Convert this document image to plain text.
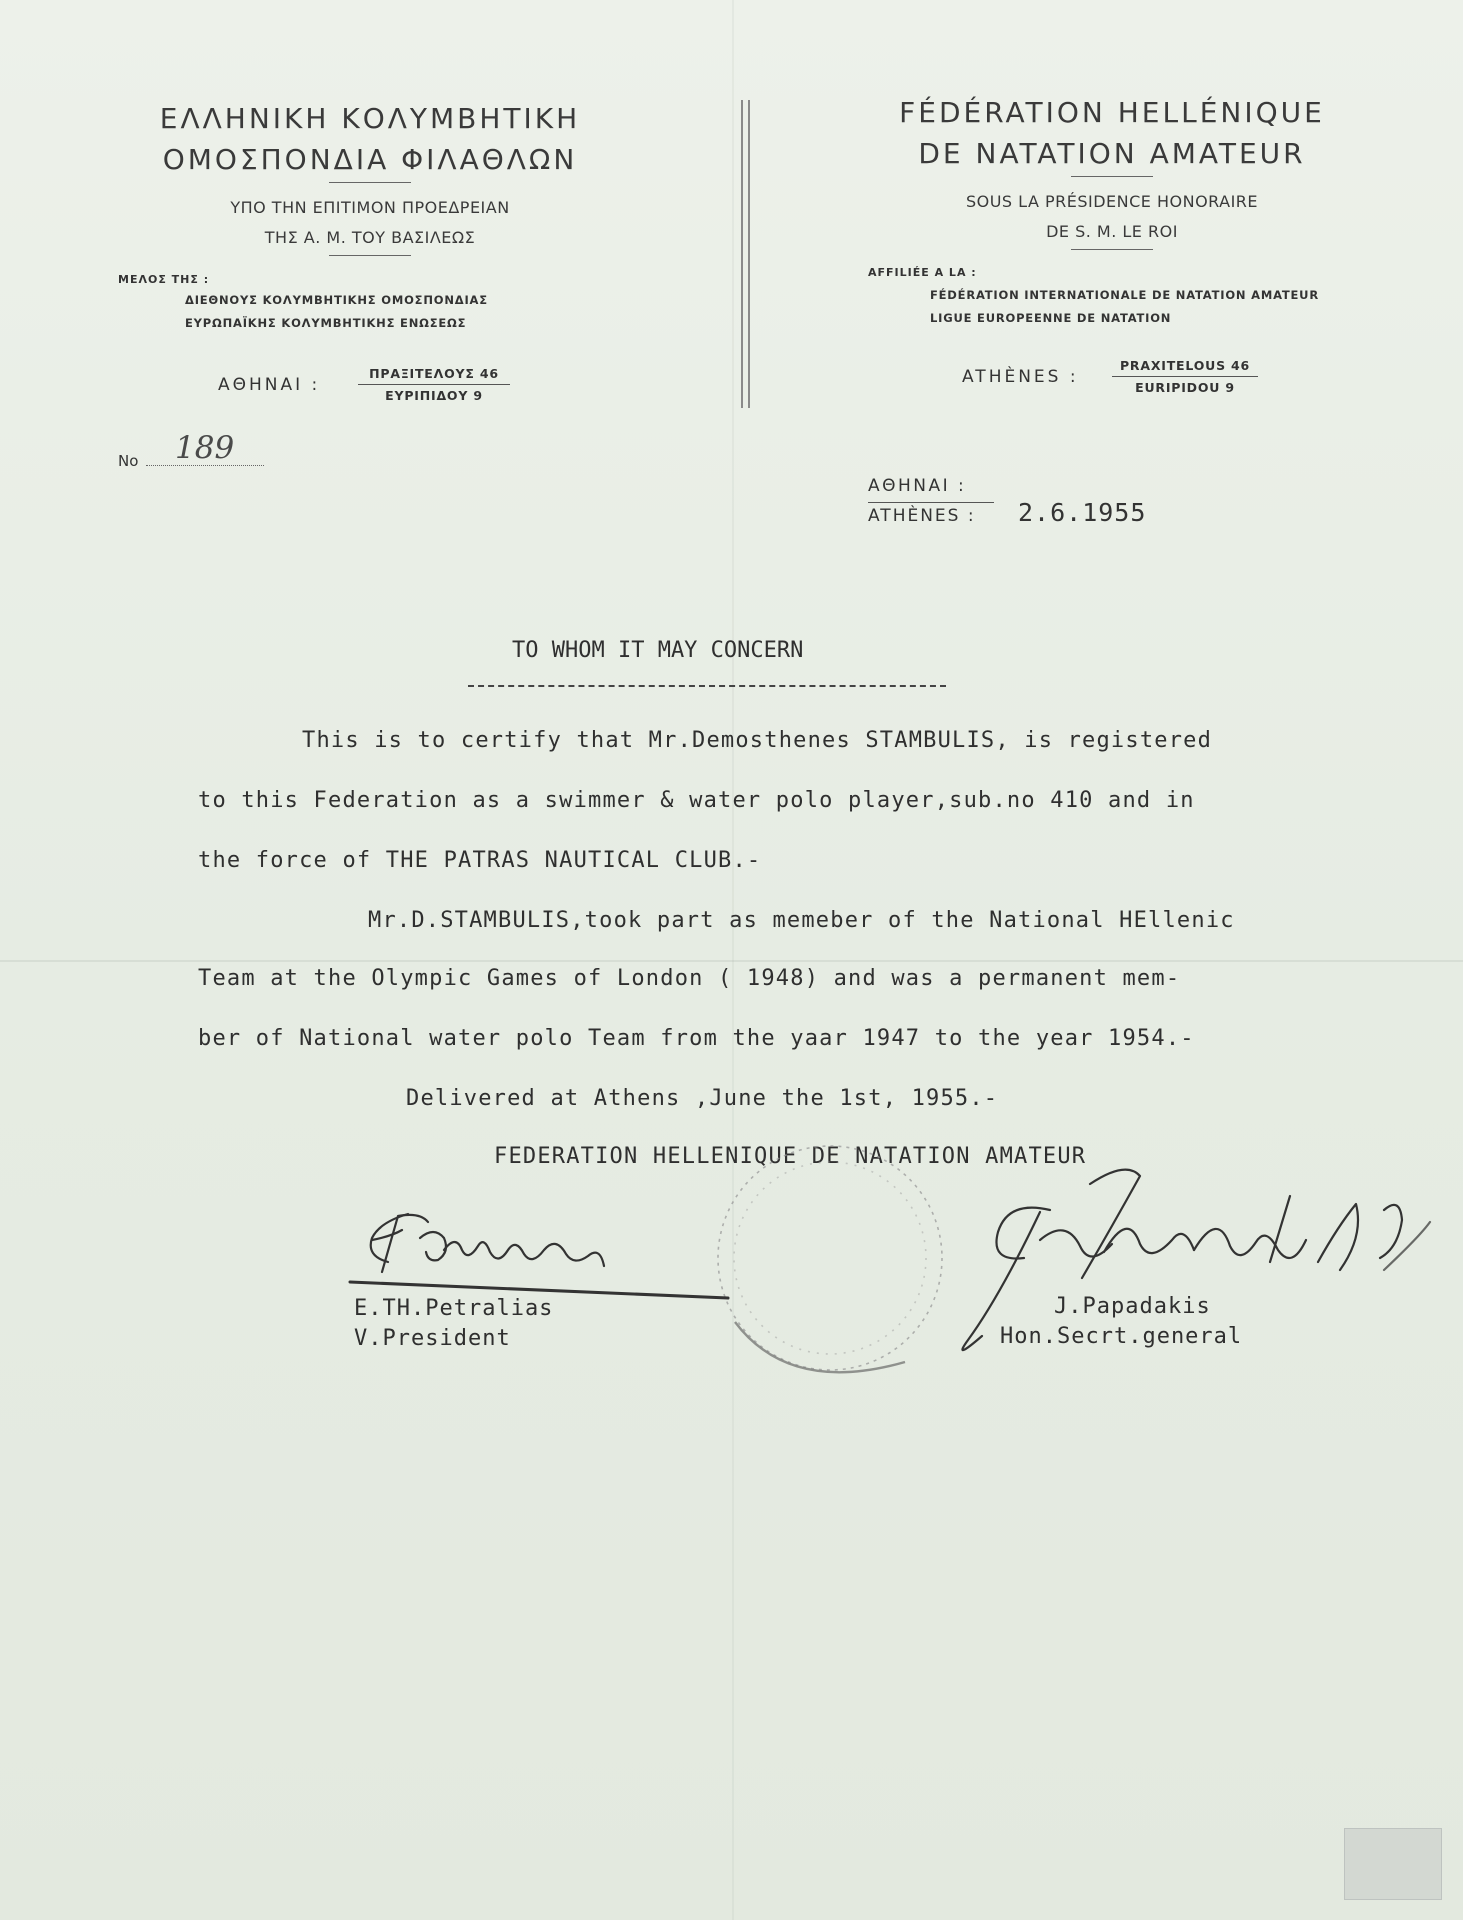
ΕΛΛΗΝΙΚΗ ΚΟΛΥΜΒΗΤΙΚΗ
ΟΜΟΣΠΟΝΔΙΑ ΦΙΛΑΘΛΩΝ
ΥΠΟ ΤΗΝ ΕΠΙΤΙΜΟΝ ΠΡΟΕΔΡΕΙΑΝ
ΤΗΣ Α. Μ. ΤΟΥ ΒΑΣΙΛΕΩΣ
ΜΕΛΟΣ ΤΗΣ :
ΔΙΕΘΝΟΥΣ ΚΟΛΥΜΒΗΤΙΚΗΣ ΟΜΟΣΠΟΝΔΙΑΣ
ΕΥΡΩΠΑΪΚΗΣ ΚΟΛΥΜΒΗΤΙΚΗΣ ΕΝΩΣΕΩΣ
ΑΘΗΝΑΙ :
ΠΡΑΞΙΤΕΛΟΥΣ 46
ΕΥΡΙΠΙΔΟΥ 9
FÉDÉRATION HELLÉNIQUE
DE NATATION AMATEUR
SOUS LA PRÉSIDENCE HONORAIRE
DE S. M. LE ROI
AFFILIÉE A LA :
FÉDÉRATION INTERNATIONALE DE NATATION AMATEUR
LIGUE EUROPEENNE DE NATATION
ATHÈNES :
PRAXITELOUS 46
EURIPIDOU 9
No 189
ΑΘΗΝΑΙ :
ATHÈNES : 2.6.1955
TO WHOM IT MAY CONCERN
This is to certify that Mr.Demosthenes STAMBULIS, is registered
to this Federation as a swimmer & water polo player,sub.no 410 and in
the force of THE PATRAS NAUTICAL CLUB.-
Mr.D.STAMBULIS,took part as memeber of the National HEllenic
Team at the Olympic Games of London ( 1948) and was a permanent mem-
ber of National water polo Team from the yaar 1947 to the year 1954.-
Delivered at Athens ,June the 1st, 1955.-
FEDERATION HELLENIQUE DE NATATION AMATEUR
E.TH.Petralias
V.President
J.Papadakis
Hon.Secrt.general
